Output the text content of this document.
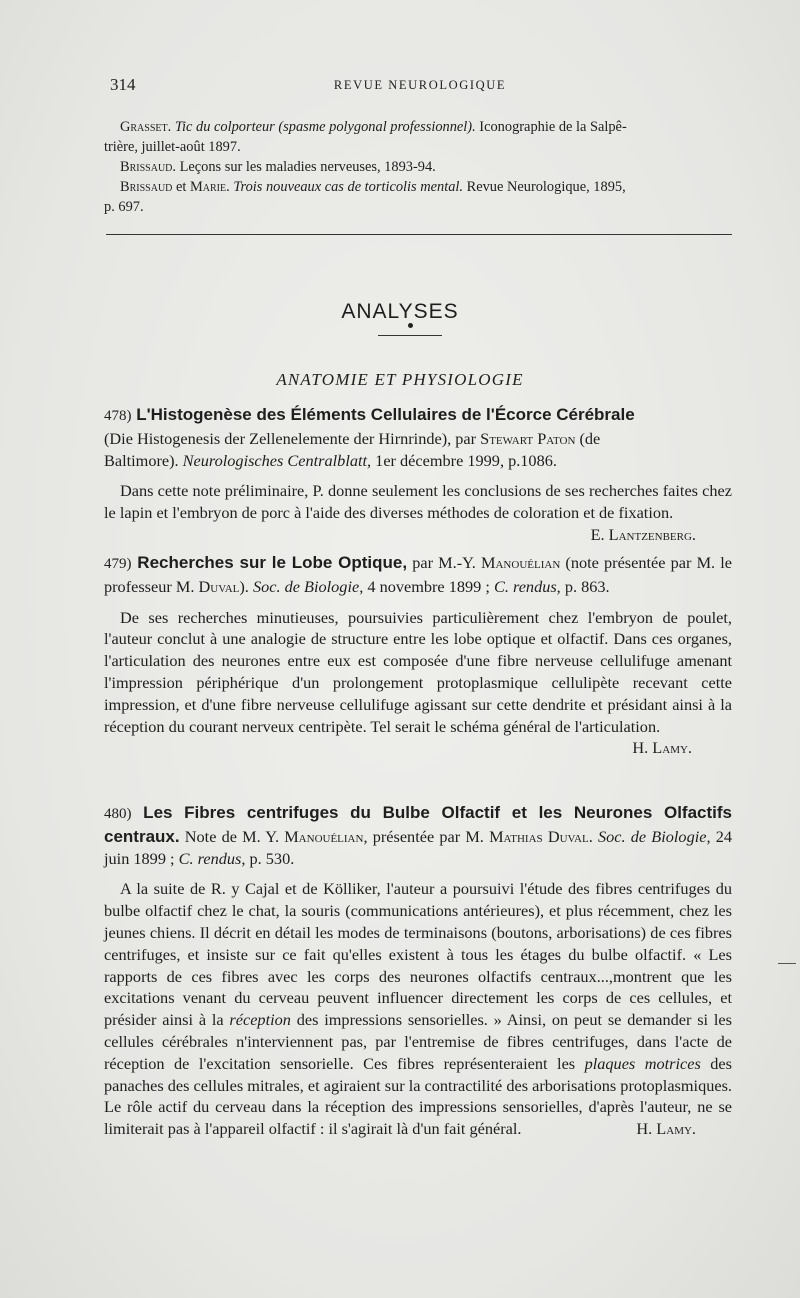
314	REVUE NEUROLOGIQUE

Grasset. Tic du colporteur (spasme polygonal professionnel). Iconographie de la Salpê-
trière, juillet-août 1897.

Brissaud. Leçons sur les maladies nerveuses, 1893-94.

Brissaud et Marie. Trois nouveaux cas de torticolis mental. Revue Neurologique, 1895,
p. 697.

ANALYSES
ANATOMIE ET PHYSIOLOGIE

478) L'Histogenèse des Éléments Cellulaires de l'Écorce Cérébrale
(Die Histogenesis der Zellenelemente der Hirnrinde), par Stewart Paton (de
Baltimore). Neurologisches Centralblatt, 1er décembre 1999, p.1086.

Dans cette note préliminaire, P. donne seulement les conclusions de ses recherches faites chez le lapin et l'embryon de porc à l'aide des diverses méthodes de coloration et de fixation.
E. Lantzenberg.

479) Recherches sur le Lobe Optique, par M.-Y. Manouélian (note présentée par M. le professeur M. Duval). Soc. de Biologie, 4 novembre 1899 ; C. rendus, p. 863.

De ses recherches minutieuses, poursuivies particulièrement chez l'embryon de poulet, l'auteur conclut à une analogie de structure entre les lobe optique et olfactif. Dans ces organes, l'articulation des neurones entre eux est composée d'une fibre nerveuse cellulifuge amenant l'impression périphérique d'un prolongement protoplasmique cellulipète recevant cette impression, et d'une fibre nerveuse cellulifuge agissant sur cette dendrite et présidant ainsi à la réception du courant nerveux centripète. Tel serait le schéma général de l'articulation.

H. Lamy.

480) Les Fibres centrifuges du Bulbe Olfactif et les Neurones Olfactifs centraux. Note de M. Y. Manouélian, présentée par M. Mathias Duval. Soc. de Biologie, 24 juin 1899 ; C. rendus, p. 530.

A la suite de R. y Cajal et de Kölliker, l'auteur a poursuivi l'étude des fibres centrifuges du bulbe olfactif chez le chat, la souris (communications antérieures), et plus récemment, chez les jeunes chiens. Il décrit en détail les modes de terminaisons (boutons, arborisations) de ces fibres centrifuges, et insiste sur ce fait qu'elles existent à tous les étages du bulbe olfactif. « Les rapports de ces fibres avec les corps des neurones olfactifs centraux...,montrent que les excitations venant du cerveau peuvent influencer directement les corps de ces cellules, et présider ainsi à la réception des impressions sensorielles. » Ainsi, on peut se demander si les cellules cérébrales n'interviennent pas, par l'entremise de fibres centrifuges, dans l'acte de réception de l'excitation sensorielle. Ces fibres représenteraient les plaques motrices des panaches des cellules mitrales, et agiraient sur la contractilité des arborisations protoplasmiques. Le rôle actif du cerveau dans la réception des impressions sensorielles, d'après l'auteur, ne se limiterait pas à l'appareil olfactif : il s'agirait là d'un fait général.	H. Lamy.
